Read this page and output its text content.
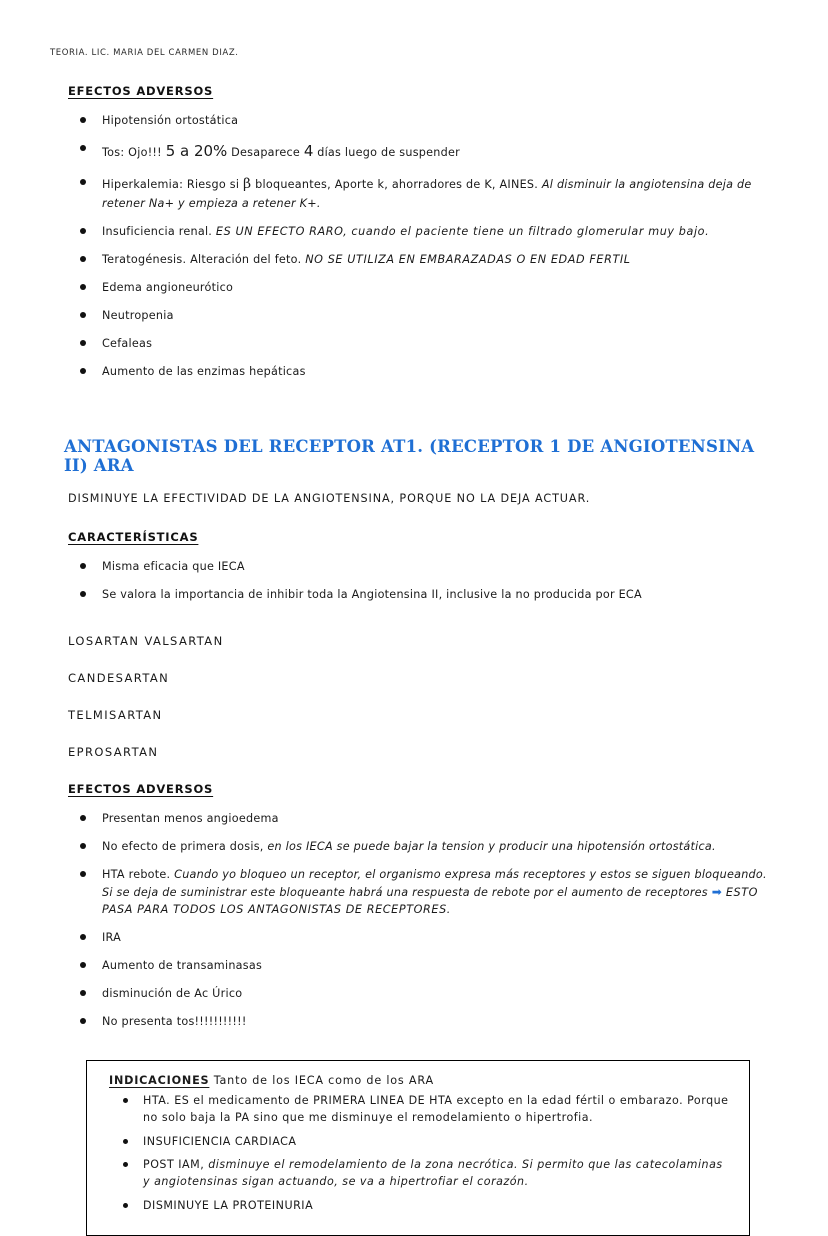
TEORIA. LIC. MARIA DEL CARMEN DIAZ.
EFECTOS ADVERSOS
Hipotensión ortostática
Tos: Ojo!!! 5 a 20% Desaparece 4 días luego de suspender
Hiperkalemia: Riesgo si β bloqueantes, Aporte k, ahorradores de K, AINES. Al disminuir la angiotensina deja de retener Na+ y empieza a retener K+.
Insuficiencia renal. ES UN EFECTO RARO, cuando el paciente tiene un filtrado glomerular muy bajo.
Teratogénesis. Alteración del feto. NO SE UTILIZA EN EMBARAZADAS O EN EDAD FERTIL
Edema angioneurótico
Neutropenia
Cefaleas
Aumento de las enzimas hepáticas
ANTAGONISTAS DEL RECEPTOR AT1. (RECEPTOR 1 DE ANGIOTENSINA II) ARA
DISMINUYE LA EFECTIVIDAD DE LA ANGIOTENSINA, PORQUE NO LA DEJA ACTUAR.
CARACTERÍSTICAS
Misma eficacia que IECA
Se valora la importancia de inhibir toda la Angiotensina II, inclusive la no producida por ECA
LOSARTAN VALSARTAN
CANDESARTAN
TELMISARTAN
EPROSARTAN
EFECTOS ADVERSOS
Presentan menos angioedema
No efecto de primera dosis, en los IECA se puede bajar la tension y producir una hipotensión ortostática.
HTA rebote. Cuando yo bloqueo un receptor, el organismo expresa más receptores y estos se siguen bloqueando. Si se deja de suministrar este bloqueante habrá una respuesta de rebote por el aumento de receptores ➡ ESTO PASA PARA TODOS LOS ANTAGONISTAS DE RECEPTORES.
IRA
Aumento de transaminasas
disminución de Ac Úrico
No presenta tos!!!!!!!!!!!
INDICACIONES Tanto de los IECA como de los ARA
HTA. ES el medicamento de PRIMERA LINEA DE HTA excepto en la edad fértil o embarazo. Porque no solo baja la PA sino que me disminuye el remodelamiento o hipertrofia.
INSUFICIENCIA CARDIACA
POST IAM, disminuye el remodelamiento de la zona necrótica. Si permito que las catecolaminas y angiotensinas sigan actuando, se va a hipertrofiar el corazón.
DISMINUYE LA PROTEINURIA
